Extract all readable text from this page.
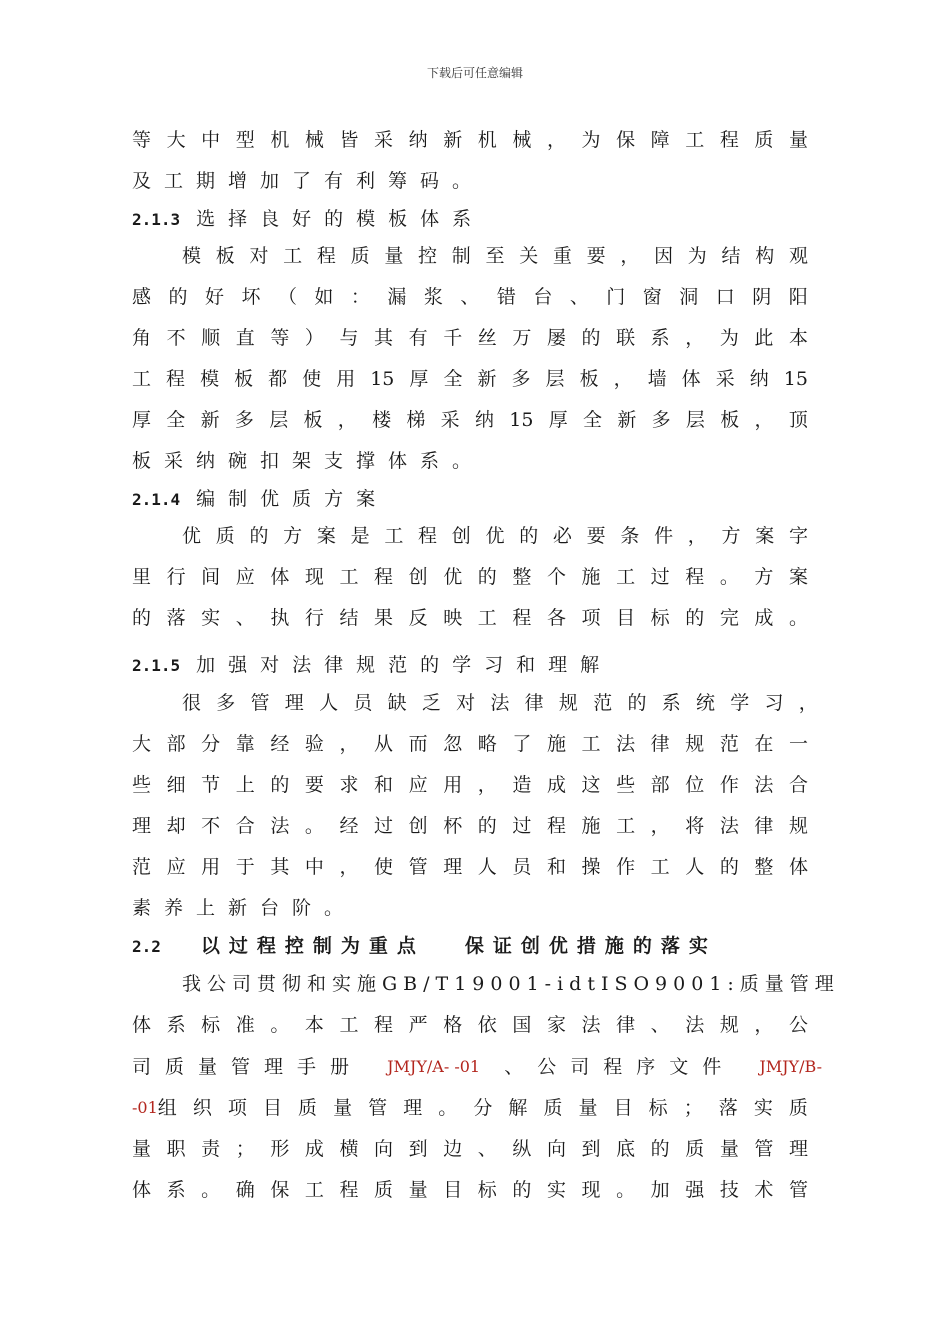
下载后可任意编辑
等 大 中 型 机 械 皆 采 纳 新 机 械 ， 为 保 障 工 程 质 量
及工期增加了有利筹码。
2.1.3 选择良好的模板体系
模 板 对 工 程 质 量 控 制 至 关 重 要 ， 因 为 结 构 观
感 的 好 坏 （ 如 ： 漏 浆 、 错 台 、 门 窗 洞 口 阴 阳
角 不 顺 直 等 ） 与 其 有 千 丝 万 屡 的 联 系 ， 为 此 本
工 程 模 板 都 使 用 15 厚 全 新 多 层 板 ， 墙 体 采 纳 15
厚 全 新 多 层 板 ， 楼 梯 采 纳 15 厚 全 新 多 层 板 ， 顶
板采纳碗扣架支撑体系。
2.1.4 编制优质方案
优 质 的 方 案 是 工 程 创 优 的 必 要 条 件 ， 方 案 字
里 行 间 应 体 现 工 程 创 优 的 整 个 施 工 过 程 。 方 案
的 落 实 、 执 行 结 果 反 映 工 程 各 项 目 标 的 完 成 。
2.1.5 加强对法律规范的学习和理解
很 多 管 理 人 员 缺 乏 对 法 律 规 范 的 系 统 学 习 ，
大 部 分 靠 经 验 ， 从 而 忽 略 了 施 工 法 律 规 范 在 一
些 细 节 上 的 要 求 和 应 用 ， 造 成 这 些 部 位 作 法 合
理 却 不 合 法 。 经 过 创 杯 的 过 程 施 工 ， 将 法 律 规
范 应 用 于 其 中 ， 使 管 理 人 员 和 操 作 工 人 的 整 体
素养上新台阶。
2.2 以过程控制为重点 保证创优措施的落实
我公司贯彻和实施GB/T19001-idtISO9001:质量管理
体 系 标 准 。 本 工 程 严 格 依 国 家 法 律 、 法 规 ， 公
司质量管理手册 JMJY/A- -01 、公司程序文件 JMJY/B-
-01 组 织 项 目 质 量 管 理 。 分 解 质 量 目 标 ； 落 实 质
量 职 责 ； 形 成 横 向 到 边 、 纵 向 到 底 的 质 量 管 理
体 系 。 确 保 工 程 质 量 目 标 的 实 现 。 加 强 技 术 管
